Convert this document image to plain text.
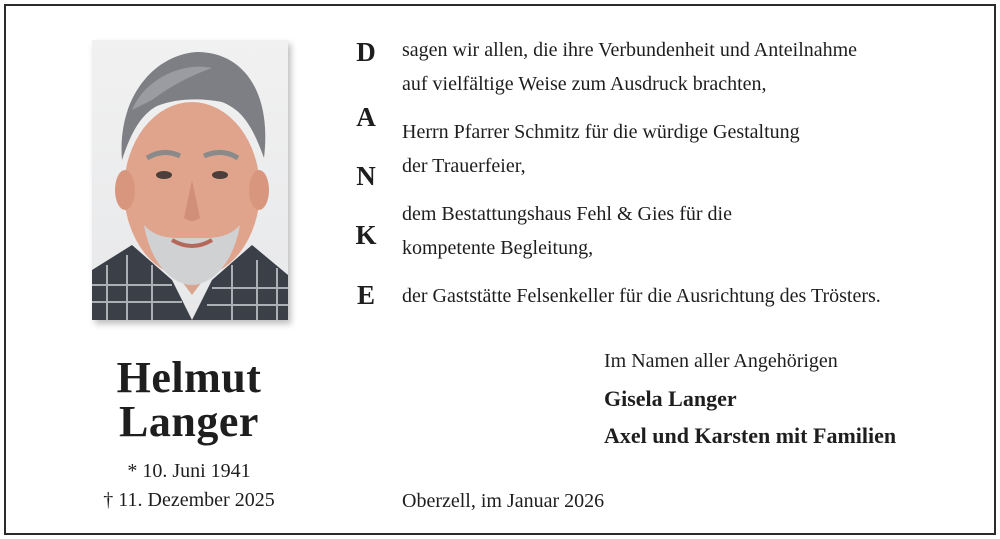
Helmut
Langer
* 10. Juni 1941
† 11. Dezember 2025
D
A
N
K
E
sagen wir allen, die ihre Verbundenheit und Anteilnahme
auf vielfältige Weise zum Ausdruck brachten,
Herrn Pfarrer Schmitz für die würdige Gestaltung
der Trauerfeier,
dem Bestattungshaus Fehl & Gies für die
kompetente Begleitung,
der Gaststätte Felsenkeller für die Ausrichtung des Trösters.
Im Namen aller Angehörigen
Gisela Langer
Axel und Karsten mit Familien
Oberzell, im Januar 2026
